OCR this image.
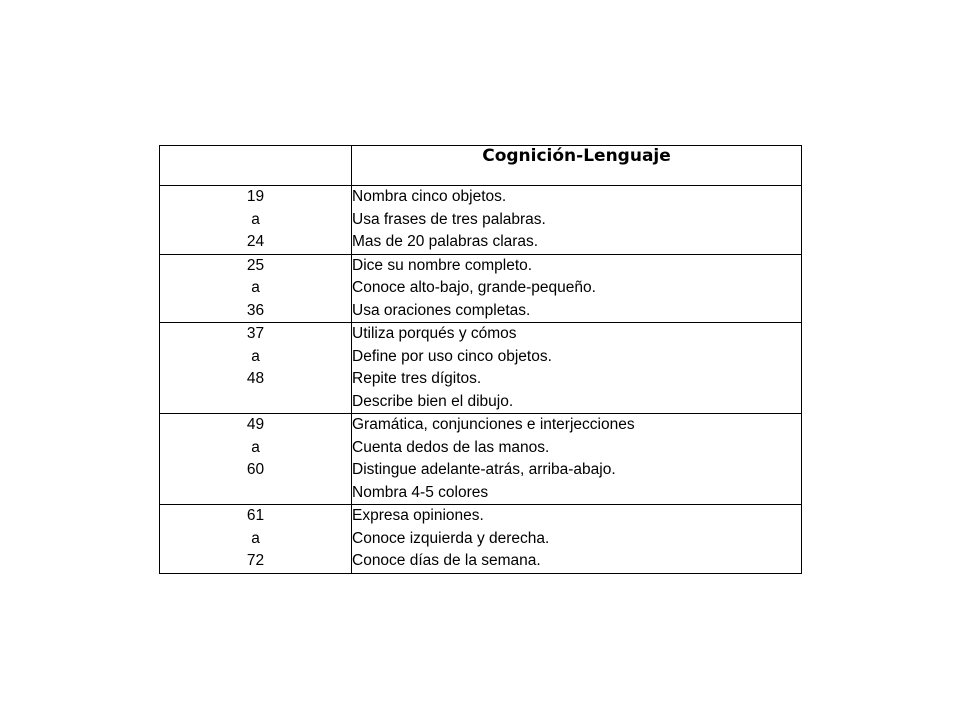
	Cognición-Lenguaje

19
a
24	Nombra cinco objetos.
Usa frases de tres palabras.
Mas de 20 palabras claras.

25
a
36	Dice su nombre completo.
Conoce alto-bajo, grande-pequeño.
Usa oraciones completas.

37
a
48	Utiliza porqués y cómos
Define por uso cinco objetos.
Repite tres dígitos.
Describe bien el dibujo.

49
a
60	Gramática, conjunciones e interjecciones
Cuenta dedos de las manos.
Distingue adelante-atrás, arriba-abajo.
Nombra 4-5 colores

61
a
72	Expresa opiniones.
Conoce izquierda y derecha.
Conoce días de la semana.
